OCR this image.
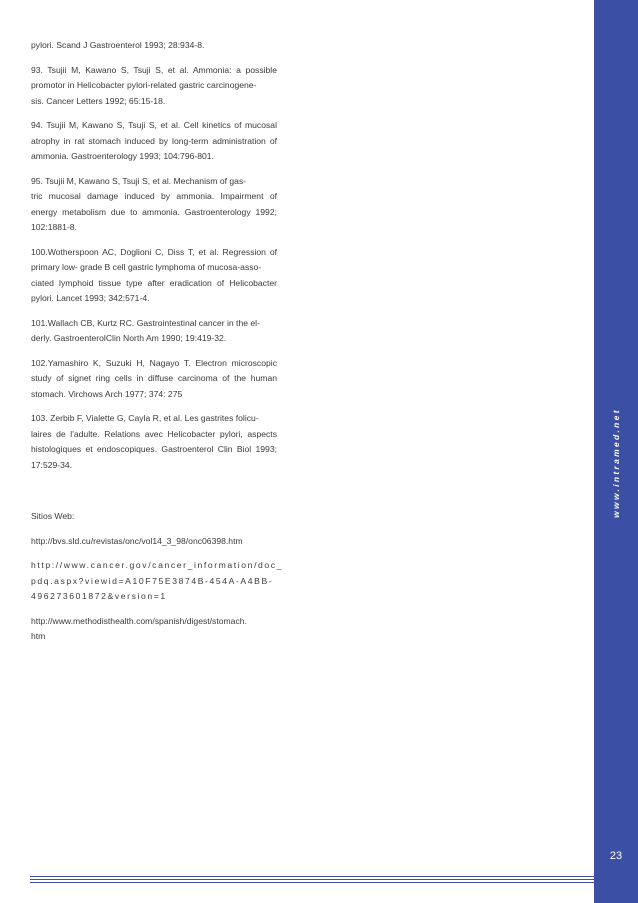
pylori. Scand J Gastroenterol 1993; 28:934-8.

93. Tsujii M, Kawano S, Tsuji S, et al. Ammonia: a possible promotor in Helicobacter pylori-related gastric carcinogene-
sis. Cancer Letters 1992; 65:15-18.

94. Tsujii M, Kawano S, Tsuji S, et al. Cell kinetics of mucosal atrophy in rat stomach induced by long-term administration of ammonia. Gastroenterology 1993; 104:796-801.

95. Tsujii M, Kawano S, Tsuji S, et al. Mechanism of gas-
tric mucosal damage induced by ammonia. Impairment of energy metabolism due to ammonia. Gastroenterology 1992; 102:1881-8.

100.Wotherspoon AC, Doglioni C, Diss T, et al. Regression of primary low- grade B cell gastric lymphoma of mucosa-asso-
ciated lymphoid tissue type after eradication of Helicobacter pylori. Lancet 1993; 342:571-4.

101.Wallach CB, Kurtz RC. Gastrointestinal cancer in the el-
derly. GastroenterolClin North Am 1990; 19:419-32.

102.Yamashiro K, Suzuki H, Nagayo T. Electron microscopic study of signet ring cells in diffuse carcinoma of the human stomach. Virchows Arch 1977; 374: 275

103. Zerbib F, Vialette G, Cayla R, et al. Les gastrites folicu-
laires de l'adulte. Relations avec Helicobacter pylori, aspects histologiques et endoscopiques. Gastroenterol Clin Biol 1993; 17:529-34.

Sitios Web:

http://bvs.sld.cu/revistas/onc/vol14_3_98/onc06398.htm

http://www.cancer.gov/cancer_information/doc_
pdq.aspx?viewid=A10F75E3874B-454A-A4BB-
496273601872&version=1

http://www.methodisthealth.com/spanish/digest/stomach.
htm

www.intramed.net
23
